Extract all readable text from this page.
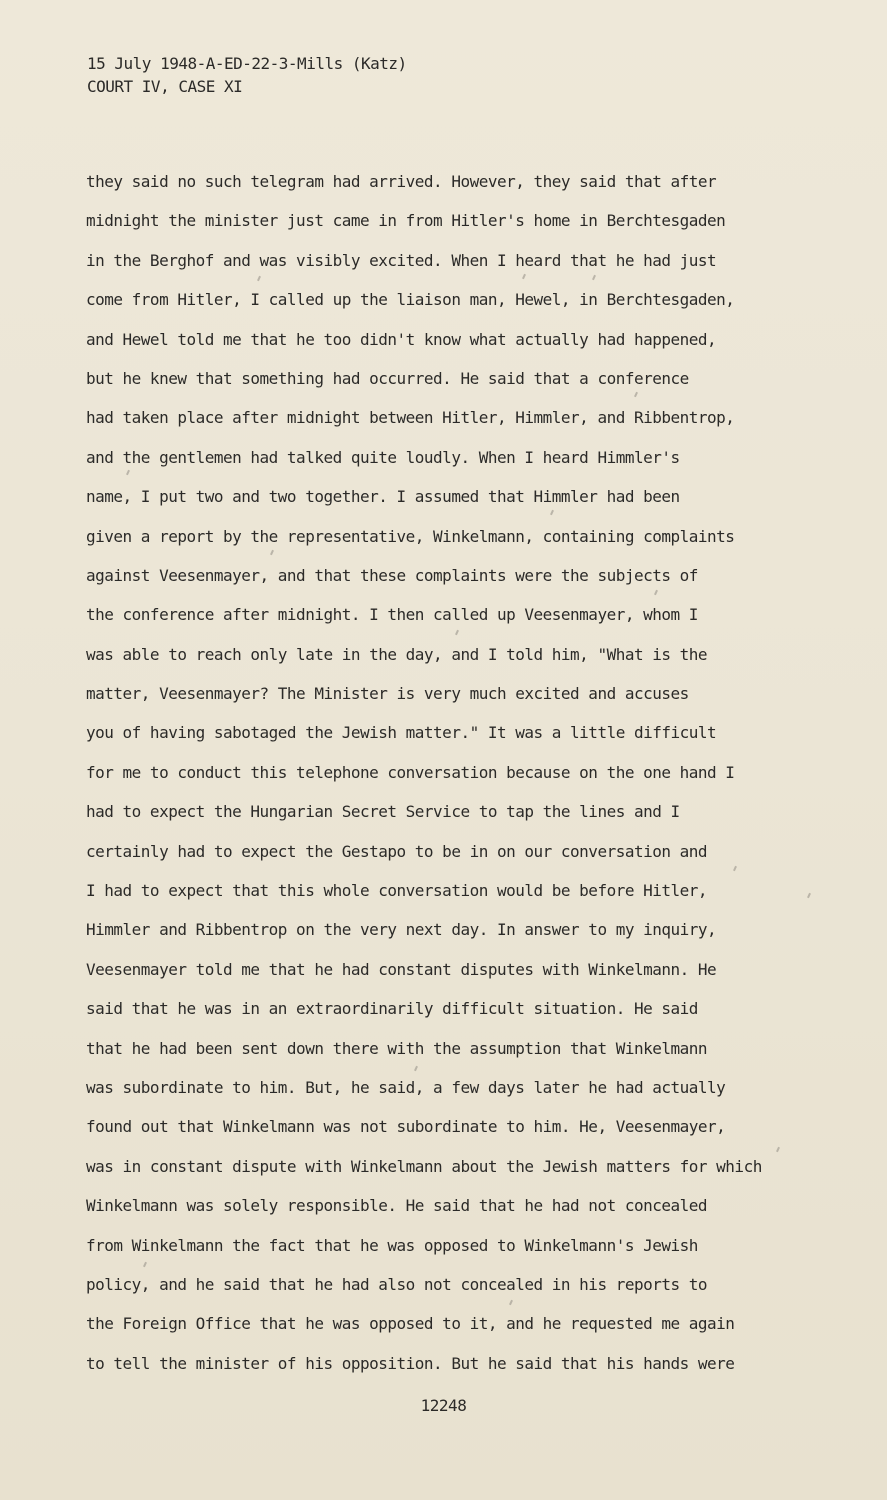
15 July 1948-A-ED-22-3-Mills (Katz)
COURT IV, CASE XI
they said no such telegram had arrived. However, they said that after
midnight the minister just came in from Hitler's home in Berchtesgaden
in the Berghof and was visibly excited. When I heard that he had just
come from Hitler, I called up the liaison man, Hewel, in Berchtesgaden,
and Hewel told me that he too didn't know what actually had happened,
but he knew that something had occurred. He said that a conference
had taken place after midnight between Hitler, Himmler, and Ribbentrop,
and the gentlemen had talked quite loudly. When I heard Himmler's
name, I put two and two together. I assumed that Himmler had been
given a report by the representative, Winkelmann, containing complaints
against Veesenmayer, and that these complaints were the subjects of
the conference after midnight. I then called up Veesenmayer, whom I
was able to reach only late in the day, and I told him, "What is the
matter, Veesenmayer? The Minister is very much excited and accuses
you of having sabotaged the Jewish matter." It was a little difficult
for me to conduct this telephone conversation because on the one hand I
had to expect the Hungarian Secret Service to tap the lines and I
certainly had to expect the Gestapo to be in on our conversation and
I had to expect that this whole conversation would be before Hitler,
Himmler and Ribbentrop on the very next day. In answer to my inquiry,
Veesenmayer told me that he had constant disputes with Winkelmann. He
said that he was in an extraordinarily difficult situation. He said
that he had been sent down there with the assumption that Winkelmann
was subordinate to him. But, he said, a few days later he had actually
found out that Winkelmann was not subordinate to him. He, Veesenmayer,
was in constant dispute with Winkelmann about the Jewish matters for which
Winkelmann was solely responsible. He said that he had not concealed
from Winkelmann the fact that he was opposed to Winkelmann's Jewish
policy, and he said that he had also not concealed in his reports to
the Foreign Office that he was opposed to it, and he requested me again
to tell the minister of his opposition. But he said that his hands were
12248
